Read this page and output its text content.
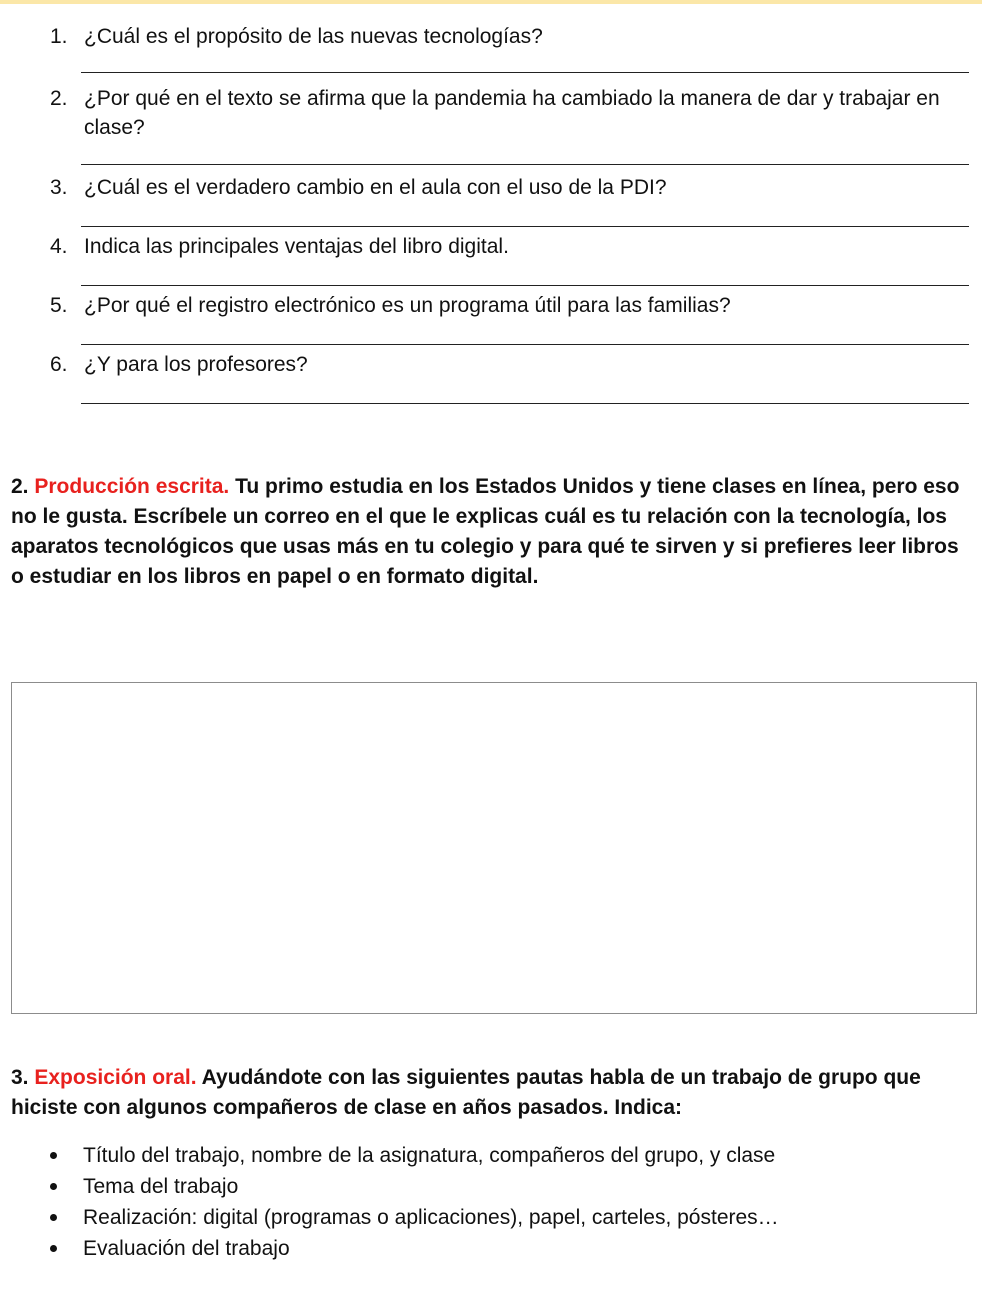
1. ¿Cuál es el propósito de las nuevas tecnologías?
2. ¿Por qué en el texto se afirma que la pandemia ha cambiado la manera de dar y trabajar en clase?
3. ¿Cuál es el verdadero cambio en el aula con el uso de la PDI?
4. Indica las principales ventajas del libro digital.
5. ¿Por qué el registro electrónico es un programa útil para las familias?
6. ¿Y para los profesores?
2. Producción escrita. Tu primo estudia en los Estados Unidos y tiene clases en línea, pero eso no le gusta. Escríbele un correo en el que le explicas cuál es tu relación con la tecnología, los aparatos tecnológicos que usas más en tu colegio y para qué te sirven y si prefieres leer libros o estudiar en los libros en papel o en formato digital.
3. Exposición oral. Ayudándote con las siguientes pautas habla de un trabajo de grupo que hiciste con algunos compañeros de clase en años pasados. Indica:
Título del trabajo, nombre de la asignatura, compañeros del grupo, y clase
Tema del trabajo
Realización: digital (programas o aplicaciones), papel, carteles, pósteres…
Evaluación del trabajo
